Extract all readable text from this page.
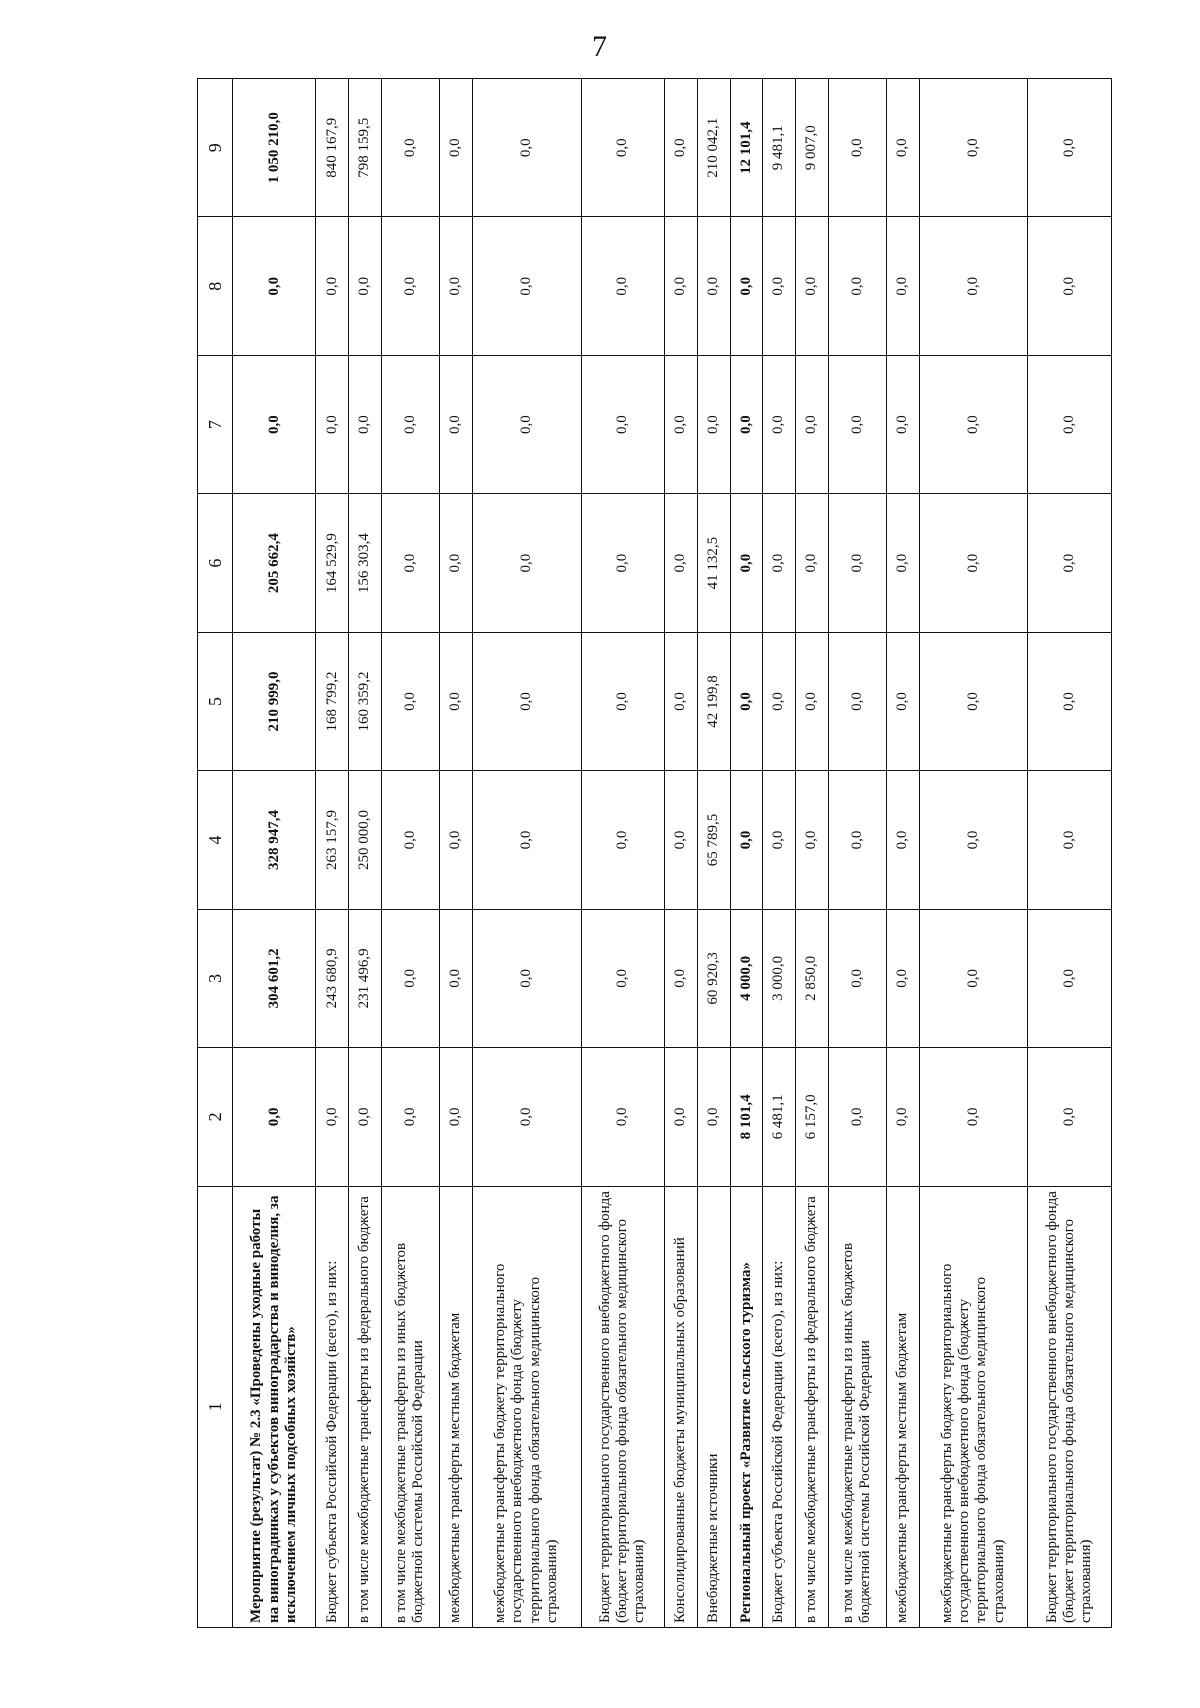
7
1	2	3	4	5	6	7	8	9
Мероприятие (результат) № 2.3 «Проведены уходные работы на виноградниках у субъектов виноградарства и виноделия, за исключением личных подсобных хозяйств»	0,0	304 601,2	328 947,4	210 999,0	205 662,4	0,0	0,0	1 050 210,0
Бюджет субъекта Российской Федерации (всего), из них:	0,0	243 680,9	263 157,9	168 799,2	164 529,9	0,0	0,0	840 167,9
в том числе межбюджетные трансферты из федерального бюджета	0,0	231 496,9	250 000,0	160 359,2	156 303,4	0,0	0,0	798 159,5
в том числе межбюджетные трансферты из иных бюджетов бюджетной системы Российской Федерации	0,0	0,0	0,0	0,0	0,0	0,0	0,0	0,0
межбюджетные трансферты местным бюджетам	0,0	0,0	0,0	0,0	0,0	0,0	0,0	0,0
межбюджетные трансферты бюджету территориального государственного внебюджетного фонда (бюджету территориального фонда обязательного медицинского страхования)	0,0	0,0	0,0	0,0	0,0	0,0	0,0	0,0
Бюджет территориального государственного внебюджетного фонда (бюджет территориального фонда обязательного медицинского страхования)	0,0	0,0	0,0	0,0	0,0	0,0	0,0	0,0
Консолидированные бюджеты муниципальных образований	0,0	0,0	0,0	0,0	0,0	0,0	0,0	0,0
Внебюджетные источники	0,0	60 920,3	65 789,5	42 199,8	41 132,5	0,0	0,0	210 042,1
Региональный проект «Развитие сельского туризма»	8 101,4	4 000,0	0,0	0,0	0,0	0,0	0,0	12 101,4
Бюджет субъекта Российской Федерации (всего), из них:	6 481,1	3 000,0	0,0	0,0	0,0	0,0	0,0	9 481,1
в том числе межбюджетные трансферты из федерального бюджета	6 157,0	2 850,0	0,0	0,0	0,0	0,0	0,0	9 007,0
в том числе межбюджетные трансферты из иных бюджетов бюджетной системы Российской Федерации	0,0	0,0	0,0	0,0	0,0	0,0	0,0	0,0
межбюджетные трансферты местным бюджетам	0,0	0,0	0,0	0,0	0,0	0,0	0,0	0,0
межбюджетные трансферты бюджету территориального государственного внебюджетного фонда (бюджету территориального фонда обязательного медицинского страхования)	0,0	0,0	0,0	0,0	0,0	0,0	0,0	0,0
Бюджет территориального государственного внебюджетного фонда (бюджет территориального фонда обязательного медицинского страхования)	0,0	0,0	0,0	0,0	0,0	0,0	0,0	0,0
